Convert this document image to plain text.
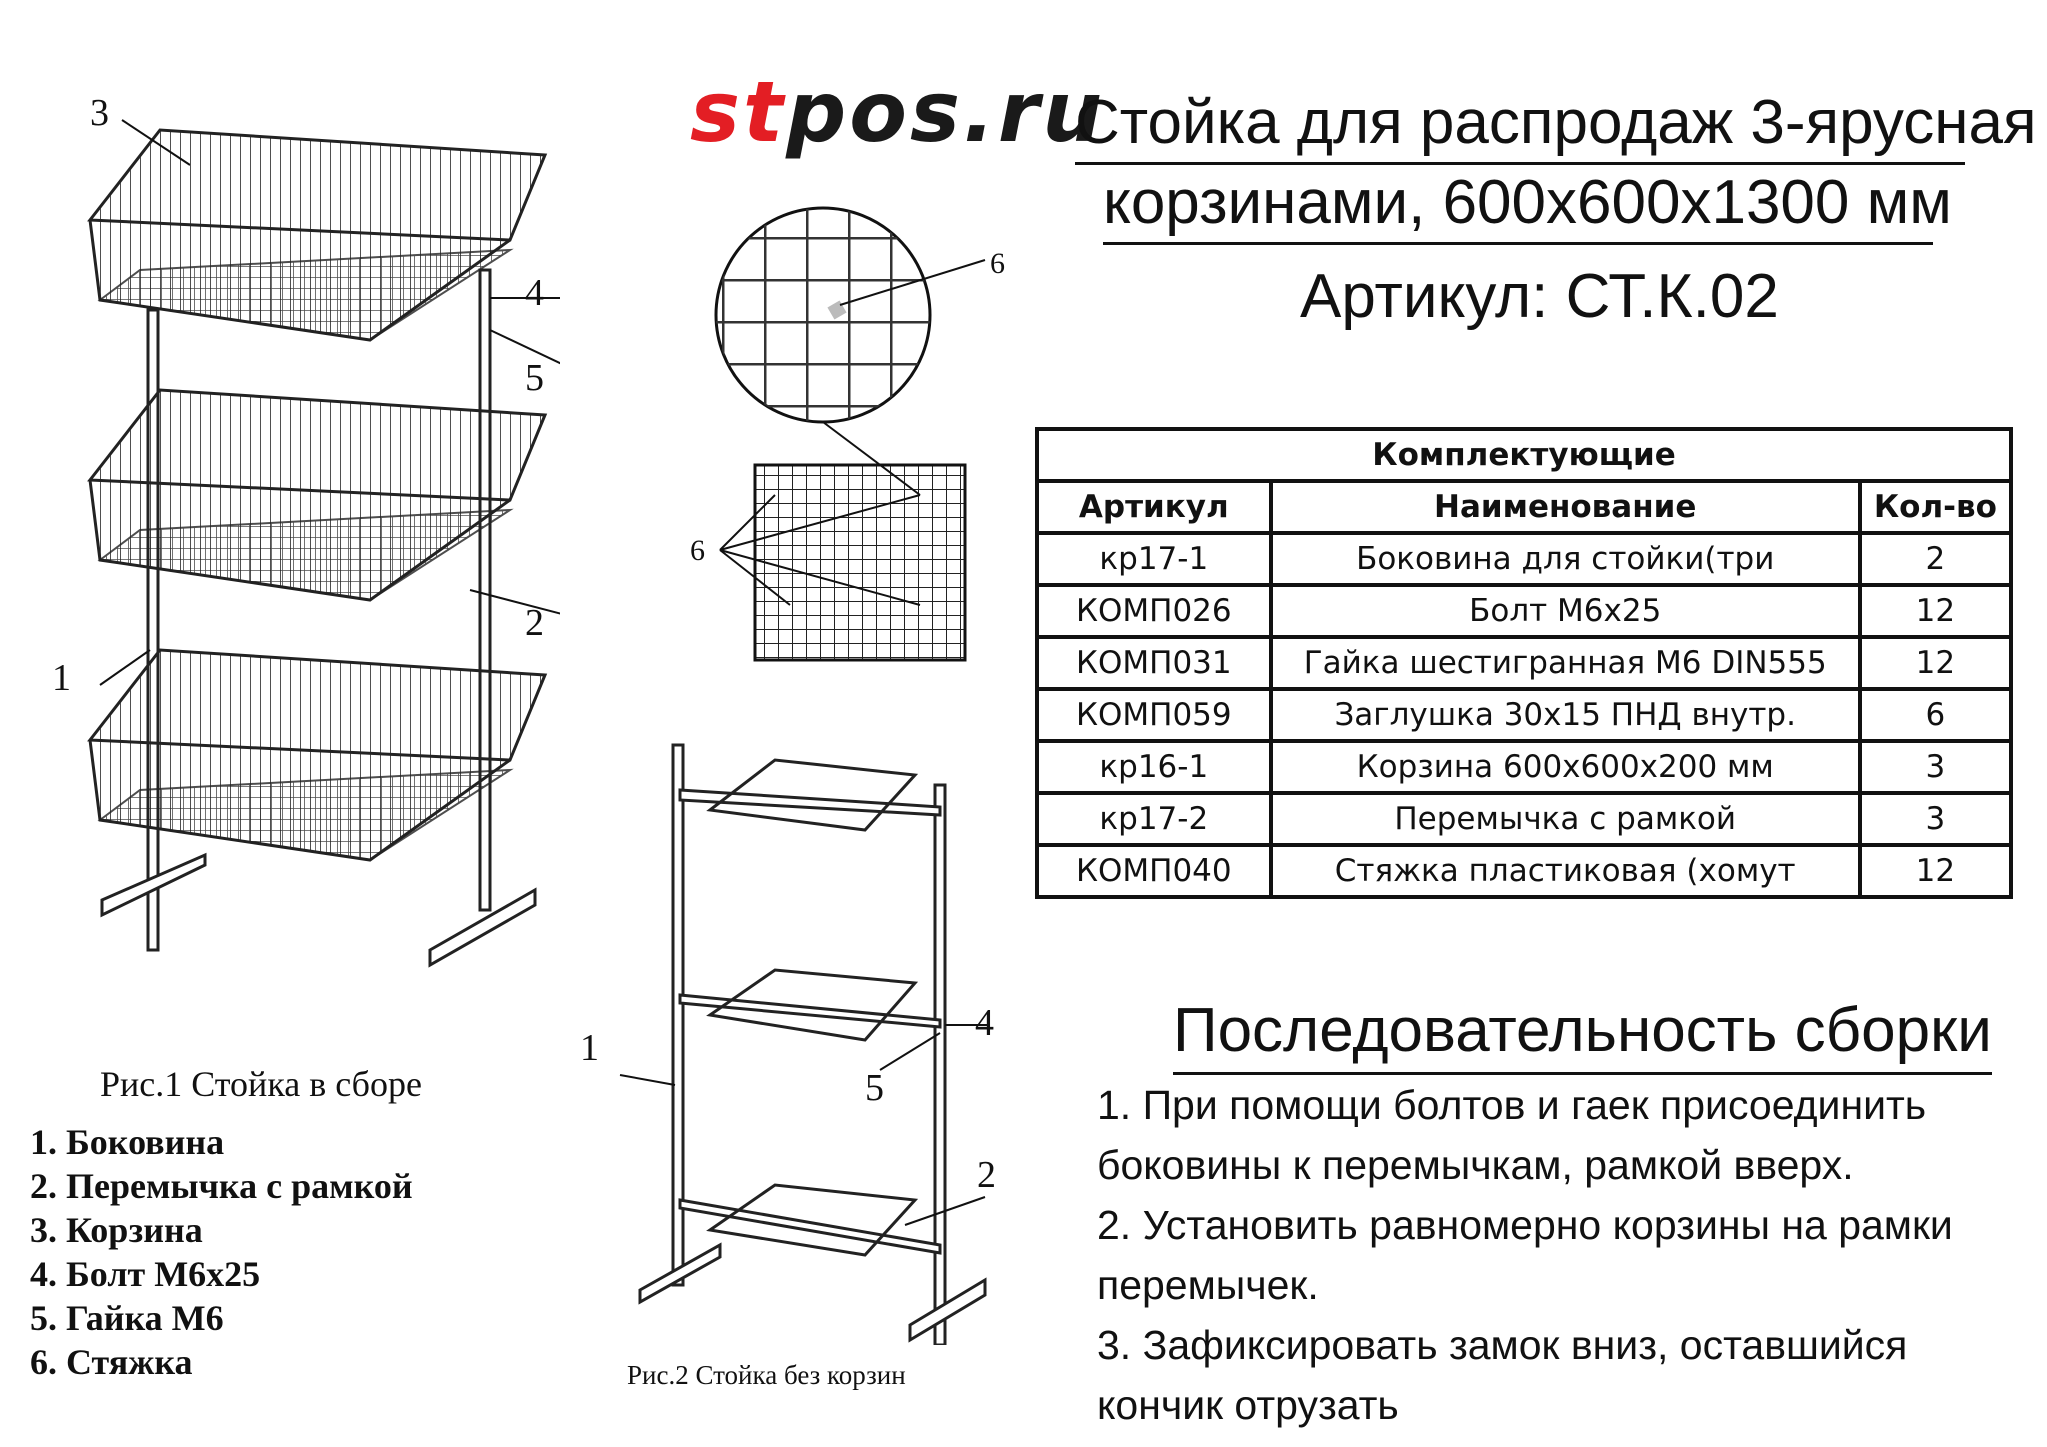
stpos.ru
Стойка для распродаж 3-ярусная
корзинами, 600х600х1300 мм
Артикул: СТ.К.02
3
4
5
2
1
6
6
1
4
5
2
Рис.1 Стойка в сборе
Рис.2 Стойка без корзин
1. Боковина
2. Перемычка с рамкой
3. Корзина
4. Болт М6х25
5. Гайка М6
6. Стяжка
Комплектующие		
Артикул	Наименование	Кол-во
кр17-1	Боковина для стойки(три	2
КОМП026	Болт М6х25	12
КОМП031	Гайка шестигранная М6 DIN555	12
КОМП059	Заглушка 30х15 ПНД внутр.	6
кр16-1	Корзина 600х600х200 мм	3
кр17-2	Перемычка с рамкой	3
КОМП040	Стяжка пластиковая (хомут	12
Последовательность сборки
1. При помощи болтов и гаек присоединить
боковины к перемычкам, рамкой вверх.
2. Установить равномерно корзины на рамки
перемычек.
3. Зафиксировать замок вниз, оставшийся
кончик отрузать
